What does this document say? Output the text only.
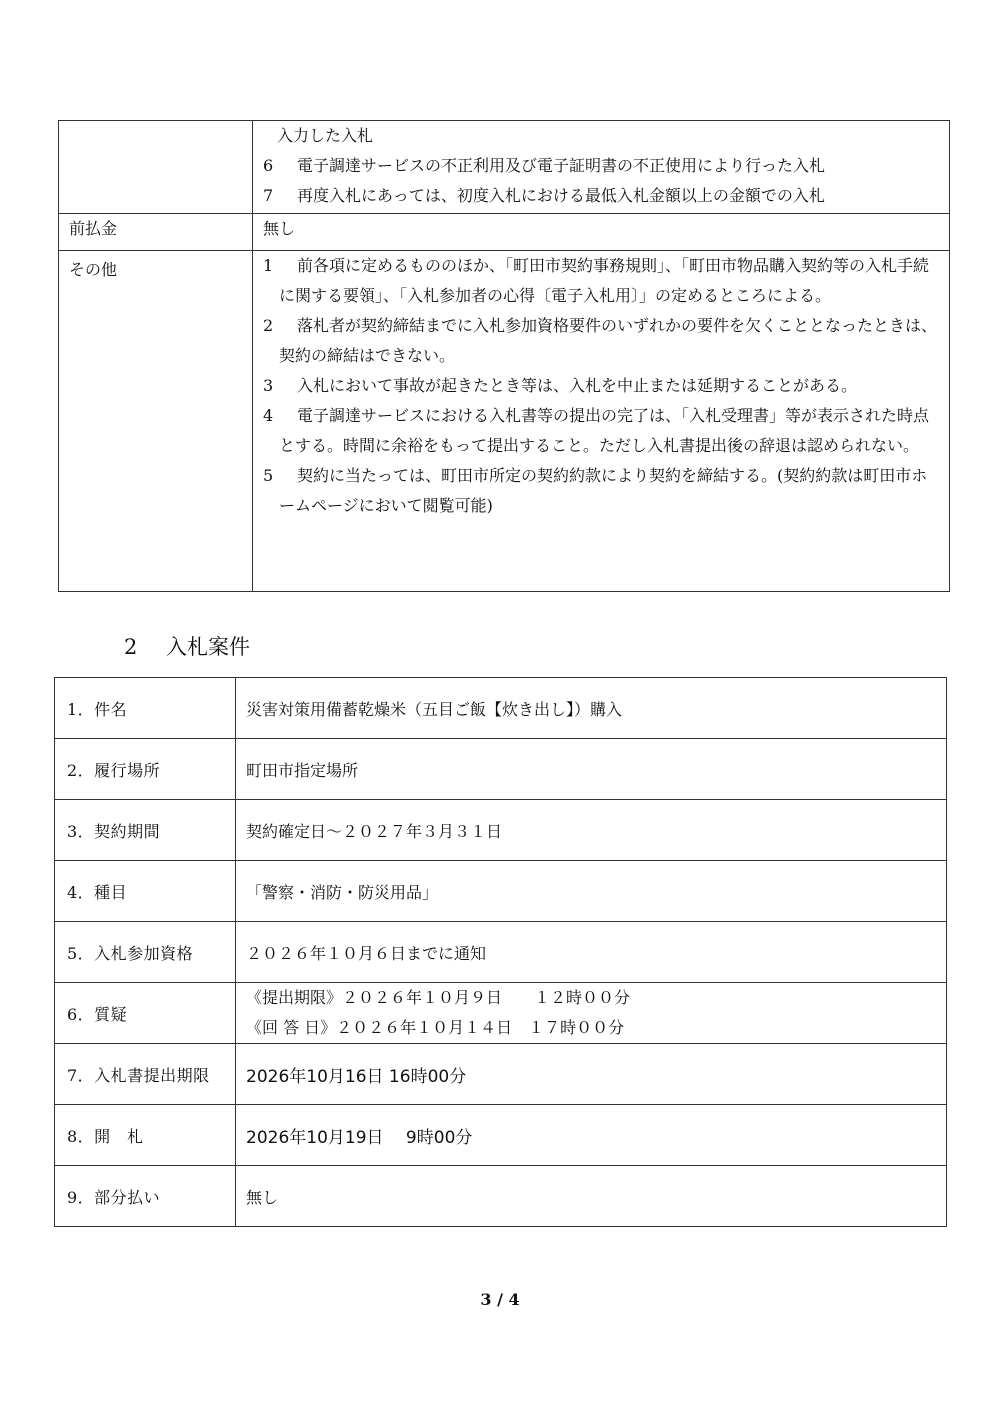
	入力した入札
6 電子調達サービスの不正利用及び電子証明書の不正使用により行った入札
7 再度入札にあっては、初度入札における最低入札金額以上の金額での入札

前払金	無し
その他	1 前各項に定めるもののほか、「町田市契約事務規則」、「町田市物品購入契約等の入札手続に関する要領」、「入札参加者の心得〔電子入札用〕」の定めるところによる。
2 落札者が契約締結までに入札参加資格要件のいずれかの要件を欠くこととなったときは、契約の締結はできない。
3 入札において事故が起きたとき等は、入札を中止または延期することがある。
4 電子調達サービスにおける入札書等の提出の完了は、「入札受理書」等が表示された時点とする。時間に余裕をもって提出すること。ただし入札書提出後の辞退は認められない。
5 契約に当たっては、町田市所定の契約約款により契約を締結する。(契約約款は町田市ホームページにおいて閲覧可能)
2 入札案件
1．件名	災害対策用備蓄乾燥米（五目ご飯【炊き出し】）購入
2．履行場所	町田市指定場所
3．契約期間	契約確定日～２０２７年３月３１日
4．種目	「警察・消防・防災用品」
5．入札参加資格	２０２６年１０月６日までに通知
6．質疑	《提出期限》２０２６年１０月９日　　１２時００分
《回 答 日》２０２６年１０月１４日　１７時００分

7．入札書提出期限	2026年10月16日 16時00分
8．開　札	2026年10月19日　 9時00分
9．部分払い	無し
3 / 4
